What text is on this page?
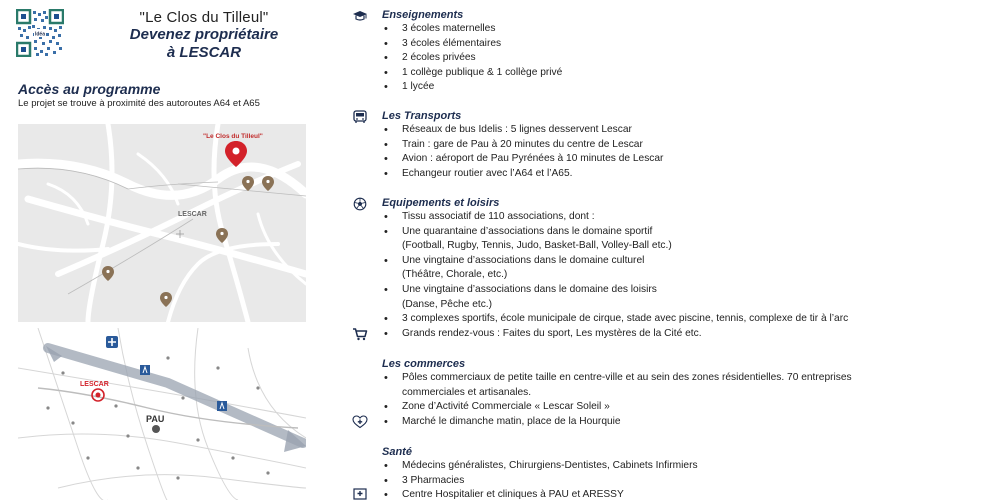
Idéa
"Le Clos du Tilleul"
Devenez propriétaire
à LESCAR
Accès au programme
Le projet se trouve à proximité des autoroutes A64 et A65
LESCAR
"Le Clos du Tilleul"
LESCAR
PAU
Enseignements
• 3 écoles maternelles
• 3 écoles élémentaires
• 2 écoles privées
• 1 collège publique & 1 collège privé
• 1 lycée
Les Transports
• Réseaux de bus Idelis : 5 lignes desservent Lescar
• Train : gare de Pau à 20 minutes du centre de Lescar
• Avion : aéroport de Pau Pyrénées à 10 minutes de Lescar
• Echangeur routier avec l’A64 et l’A65.
Equipements et loisirs
• Tissu associatif de 110 associations, dont :
• Une quarantaine d’associations dans le domaine sportif
(Football, Rugby, Tennis, Judo, Basket-Ball, Volley-Ball etc.)
• Une vingtaine d’associations dans le domaine culturel
(Théâtre, Chorale, etc.)
• Une vingtaine d’associations dans le domaine des loisirs
(Danse, Pêche etc.)
• 3 complexes sportifs, école municipale de cirque, stade avec piscine, tennis, complexe de tir à l’arc
• Grands rendez-vous : Faites du sport, Les mystères de la Cité etc.
Les commerces
• Pôles commerciaux de petite taille en centre-ville et au sein des zones résidentielles. 70 entreprises
commerciales et artisanales.
• Zone d’Activité Commerciale « Lescar Soleil »
• Marché le dimanche matin, place de la Hourquie
Santé
• Médecins généralistes, Chirurgiens-Dentistes, Cabinets Infirmiers
• 3 Pharmacies
• Centre Hospitalier et cliniques à PAU et ARESSY
